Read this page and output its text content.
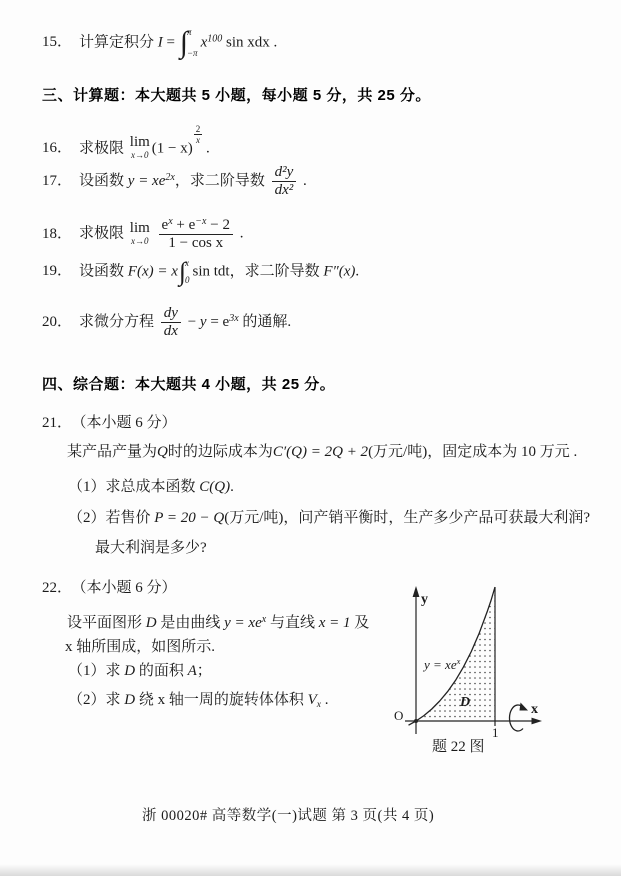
15． 计算定积分 I = ∫ π
−π
$x^{100}$ sin xdx .
三、计算题：本大题共 5 小题，每小题 5 分，共 25 分。
16． 求极限 lim
x→0 (1 − x)
$\frac{2}{x}$
.
17． 设函数 $y = xe^{2x}$，求二阶导数 $\frac{\text{d²y}}{\text{dx²}}$ .
18． 求极限 lim
x→0
$\frac{e^x + e^{-x} - 2}{\text{1 − cos x}}$ .
19． 设函数 F(x) = x ∫ x
0
sin tdt，求二阶导数 F″(x).
20． 求微分方程 $\frac{dy}{dx} - y = e^{3x}$ 的通解.
四、综合题：本大题共 4 小题，共 25 分。
21． （本小题 6 分）
某产品产量为Q时的边际成本为C′(Q) = 2Q + 2(万元/吨)，固定成本为 10 万元 .
（1）求总成本函数 C(Q).
（2）若售价 P = 20 − Q(万元/吨)，问产销平衡时，生产多少产品可获最大利润?
最大利润是多少?
22． （本小题 6 分）
设平面图形 D 是由曲线 $y = xe^x$ 与直线 x = 1 及
x 轴所围成，如图所示.
（1）求 D 的面积 A；
（2）求 D 绕 x 轴一周的旋转体体积 $V_x$ .
y
x
O
1
D
$y = xe^x$
题 22 图
浙 00020# 高等数学(一)试题 第 3 页(共 4 页)
